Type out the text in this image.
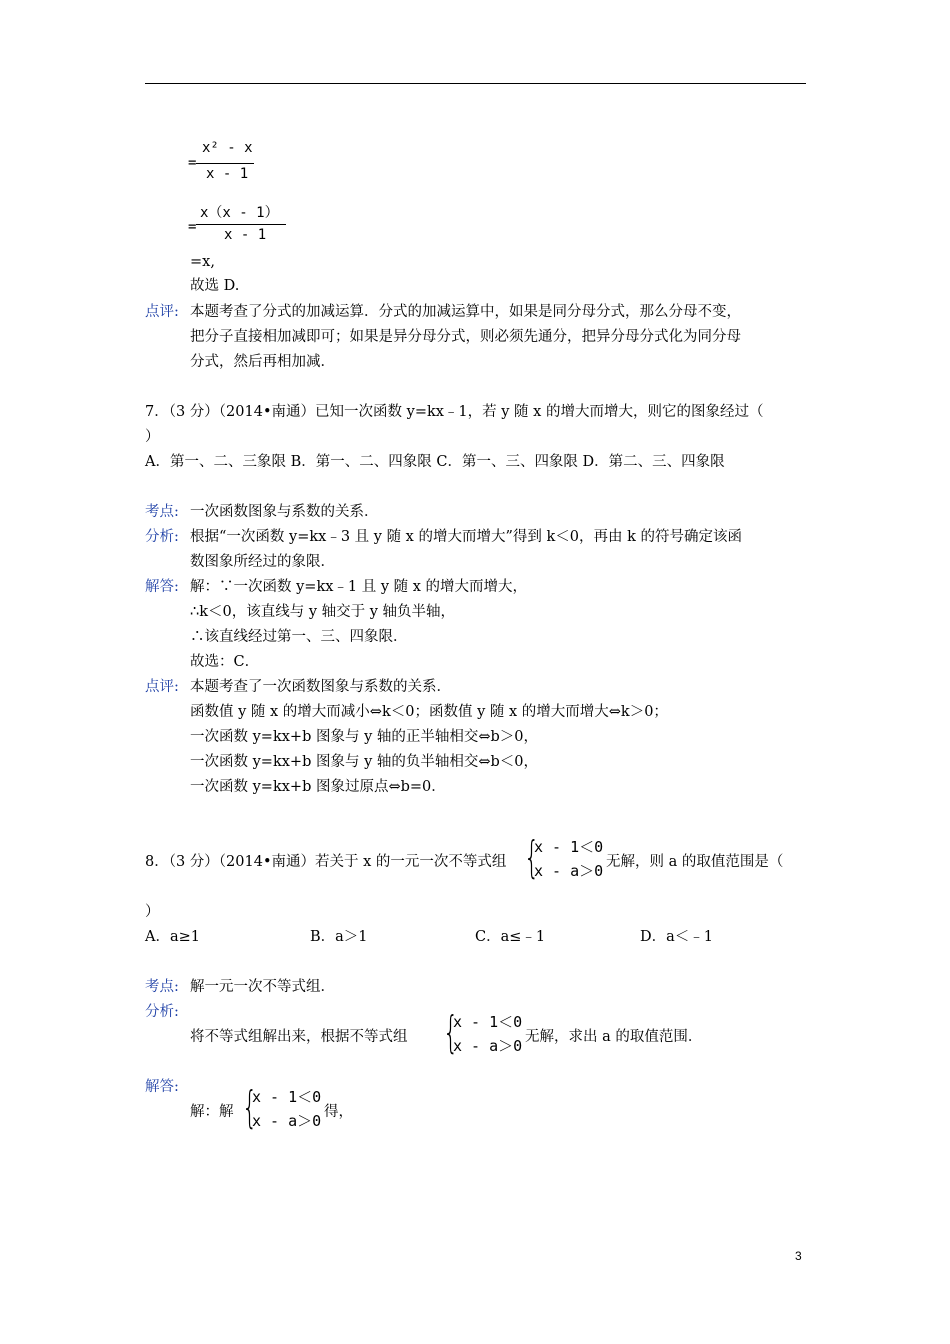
=
x² - x
x - 1
=
x（x - 1）
x - 1
=x,
故选 D.
点评: 本题考查了分式的加减运算．分式的加减运算中，如果是同分母分式，那么分母不变，
把分子直接相加减即可；如果是异分母分式，则必须先通分，把异分母分式化为同分母
分式，然后再相加减．
7．（3 分）（2014•南通）已知一次函数 y=kx﹣1，若 y 随 x 的增大而增大，则它的图象经过（
）
A．第一、二、三象限 B．第一、二、四象限 C．第一、三、四象限 D．第二、三、四象限
考点: 一次函数图象与系数的关系．
分析: 根据“一次函数 y=kx﹣3 且 y 随 x 的增大而增大”得到 k＜0，再由 k 的符号确定该函
数图象所经过的象限．
解答: 解：∵一次函数 y=kx﹣1 且 y 随 x 的增大而增大，
∴k＜0，该直线与 y 轴交于 y 轴负半轴，
∴该直线经过第一、三、四象限．
故选：C．
点评: 本题考查了一次函数图象与系数的关系．
函数值 y 随 x 的增大而减小⇔k＜0；函数值 y 随 x 的增大而增大⇔k＞0；
一次函数 y=kx+b 图象与 y 轴的正半轴相交⇔b＞0，
一次函数 y=kx+b 图象与 y 轴的负半轴相交⇔b＜0，
一次函数 y=kx+b 图象过原点⇔b=0．
8．（3 分）（2014•南通）若关于 x 的一元一次不等式组 {
x - 1＜0
x - a＞0 无解，则 a 的取值范围是（
）
A．a≥1	B．a＞1	C．a≤﹣1	D．a＜﹣1
考点: 解一元一次不等式组．
分析:
将不等式组解出来，根据不等式组 {
x - 1＜0
x - a＞0 无解，求出 a 的取值范围．
解答:
解：解 {
x - 1＜0
x - a＞0 得，
3
